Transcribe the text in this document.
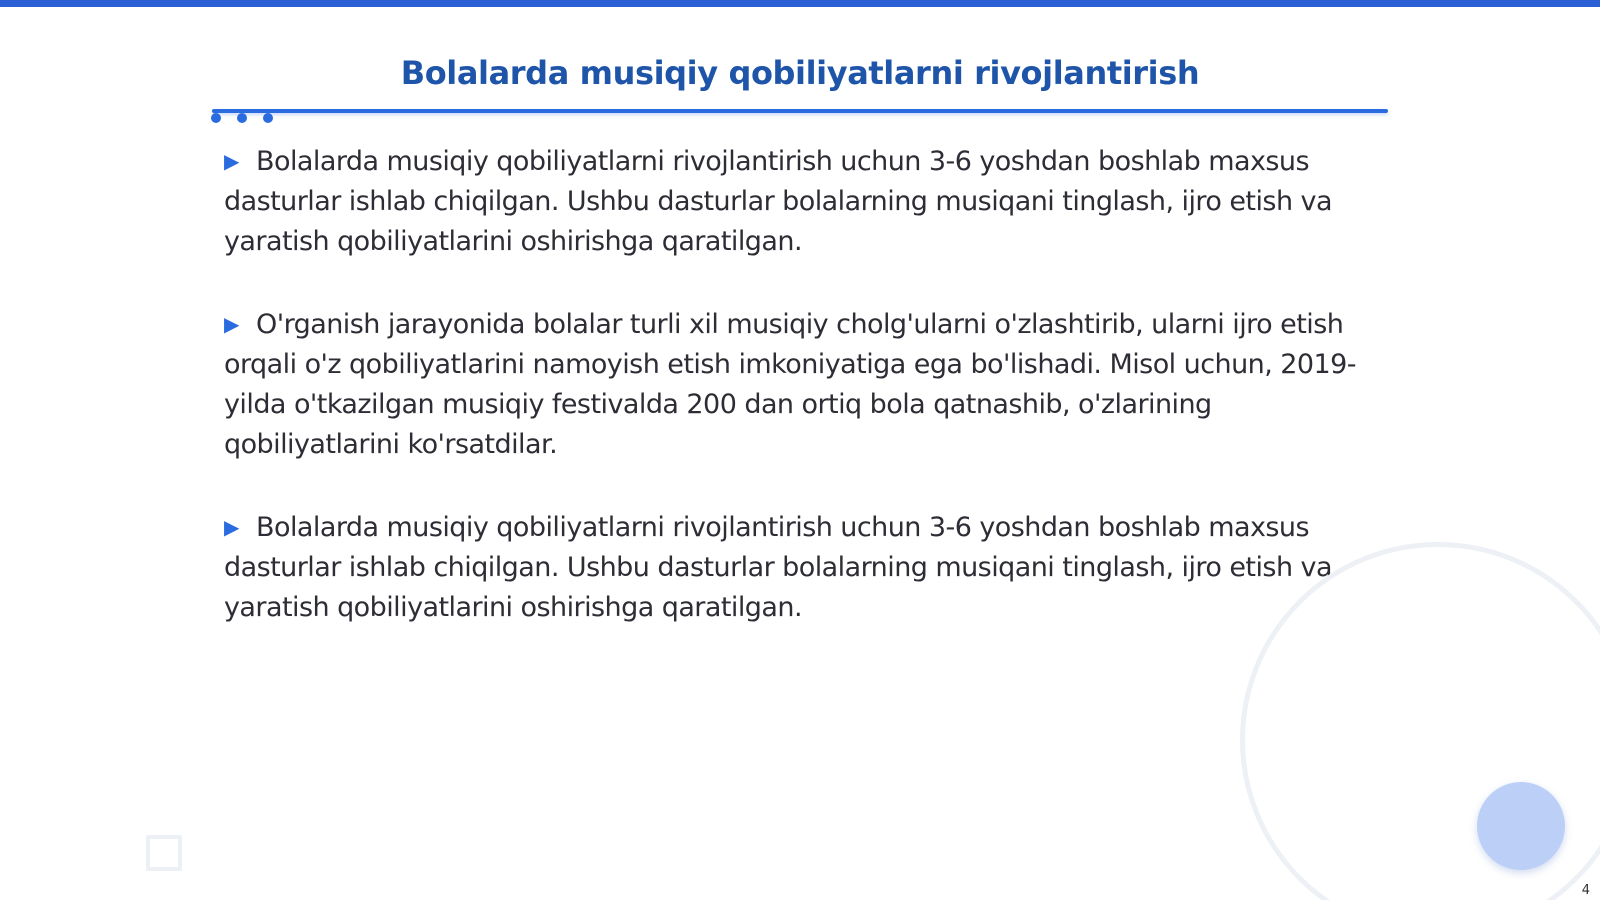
Bolalarda musiqiy qobiliyatlarni rivojlantirish

▶ Bolalarda musiqiy qobiliyatlarni rivojlantirish uchun 3-6 yoshdan boshlab maxsus dasturlar ishlab chiqilgan. Ushbu dasturlar bolalarning musiqani tinglash, ijro etish va yaratish qobiliyatlarini oshirishga qaratilgan.

▶ O'rganish jarayonida bolalar turli xil musiqiy cholg'ularni o'zlashtirib, ularni ijro etish orqali o'z qobiliyatlarini namoyish etish imkoniyatiga ega bo'lishadi. Misol uchun, 2019-yilda o'tkazilgan musiqiy festivalda 200 dan ortiq bola qatnashib, o'zlarining qobiliyatlarini ko'rsatdilar.

▶ Bolalarda musiqiy qobiliyatlarni rivojlantirish uchun 3-6 yoshdan boshlab maxsus dasturlar ishlab chiqilgan. Ushbu dasturlar bolalarning musiqani tinglash, ijro etish va yaratish qobiliyatlarini oshirishga qaratilgan.

4
